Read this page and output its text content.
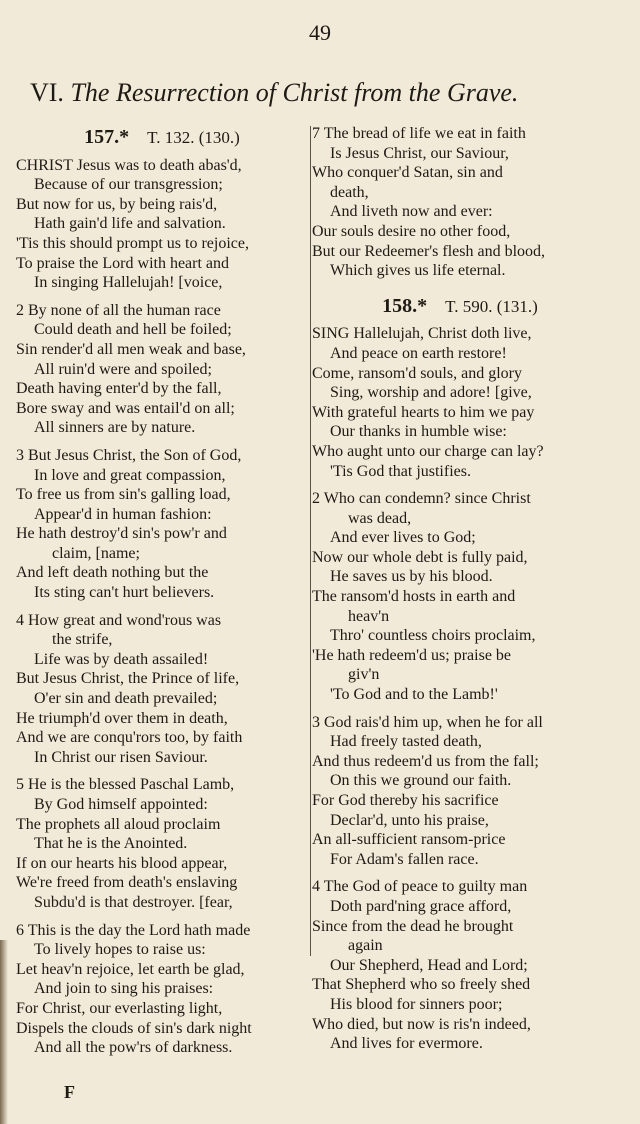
49
VI. The Resurrection of Christ from the Grave.
157.* T. 132. (130.)
CHRIST Jesus was to death abas'd,
Because of our transgression;
But now for us, by being rais'd,
Hath gain'd life and salvation.
'Tis this should prompt us to rejoice,
To praise the Lord with heart and
In singing Hallelujah! [voice,
2 By none of all the human race
Could death and hell be foiled;
Sin render'd all men weak and base,
All ruin'd were and spoiled;
Death having enter'd by the fall,
Bore sway and was entail'd on all;
All sinners are by nature.
3 But Jesus Christ, the Son of God,
In love and great compassion,
To free us from sin's galling load,
Appear'd in human fashion:
He hath destroy'd sin's pow'r and
claim, [name;
And left death nothing but the
Its sting can't hurt believers.
4 How great and wond'rous was
the strife,
Life was by death assailed!
But Jesus Christ, the Prince of life,
O'er sin and death prevailed;
He triumph'd over them in death,
And we are conqu'rors too, by faith
In Christ our risen Saviour.
5 He is the blessed Paschal Lamb,
By God himself appointed:
The prophets all aloud proclaim
That he is the Anointed.
If on our hearts his blood appear,
We're freed from death's enslaving
Subdu'd is that destroyer. [fear,
6 This is the day the Lord hath made
To lively hopes to raise us:
Let heav'n rejoice, let earth be glad,
And join to sing his praises:
For Christ, our everlasting light,
Dispels the clouds of sin's dark night
And all the pow'rs of darkness.
7 The bread of life we eat in faith
Is Jesus Christ, our Saviour,
Who conquer'd Satan, sin and
death,
And liveth now and ever:
Our souls desire no other food,
But our Redeemer's flesh and blood,
Which gives us life eternal.
158.* T. 590. (131.)
SING Hallelujah, Christ doth live,
And peace on earth restore!
Come, ransom'd souls, and glory
Sing, worship and adore! [give,
With grateful hearts to him we pay
Our thanks in humble wise:
Who aught unto our charge can lay?
'Tis God that justifies.
2 Who can condemn? since Christ
was dead,
And ever lives to God;
Now our whole debt is fully paid,
He saves us by his blood.
The ransom'd hosts in earth and
heav'n
Thro' countless choirs proclaim,
'He hath redeem'd us; praise be
giv'n
'To God and to the Lamb!'
3 God rais'd him up, when he for all
Had freely tasted death,
And thus redeem'd us from the fall;
On this we ground our faith.
For God thereby his sacrifice
Declar'd, unto his praise,
An all-sufficient ransom-price
For Adam's fallen race.
4 The God of peace to guilty man
Doth pard'ning grace afford,
Since from the dead he brought
again
Our Shepherd, Head and Lord;
That Shepherd who so freely shed
His blood for sinners poor;
Who died, but now is ris'n indeed,
And lives for evermore.
F
